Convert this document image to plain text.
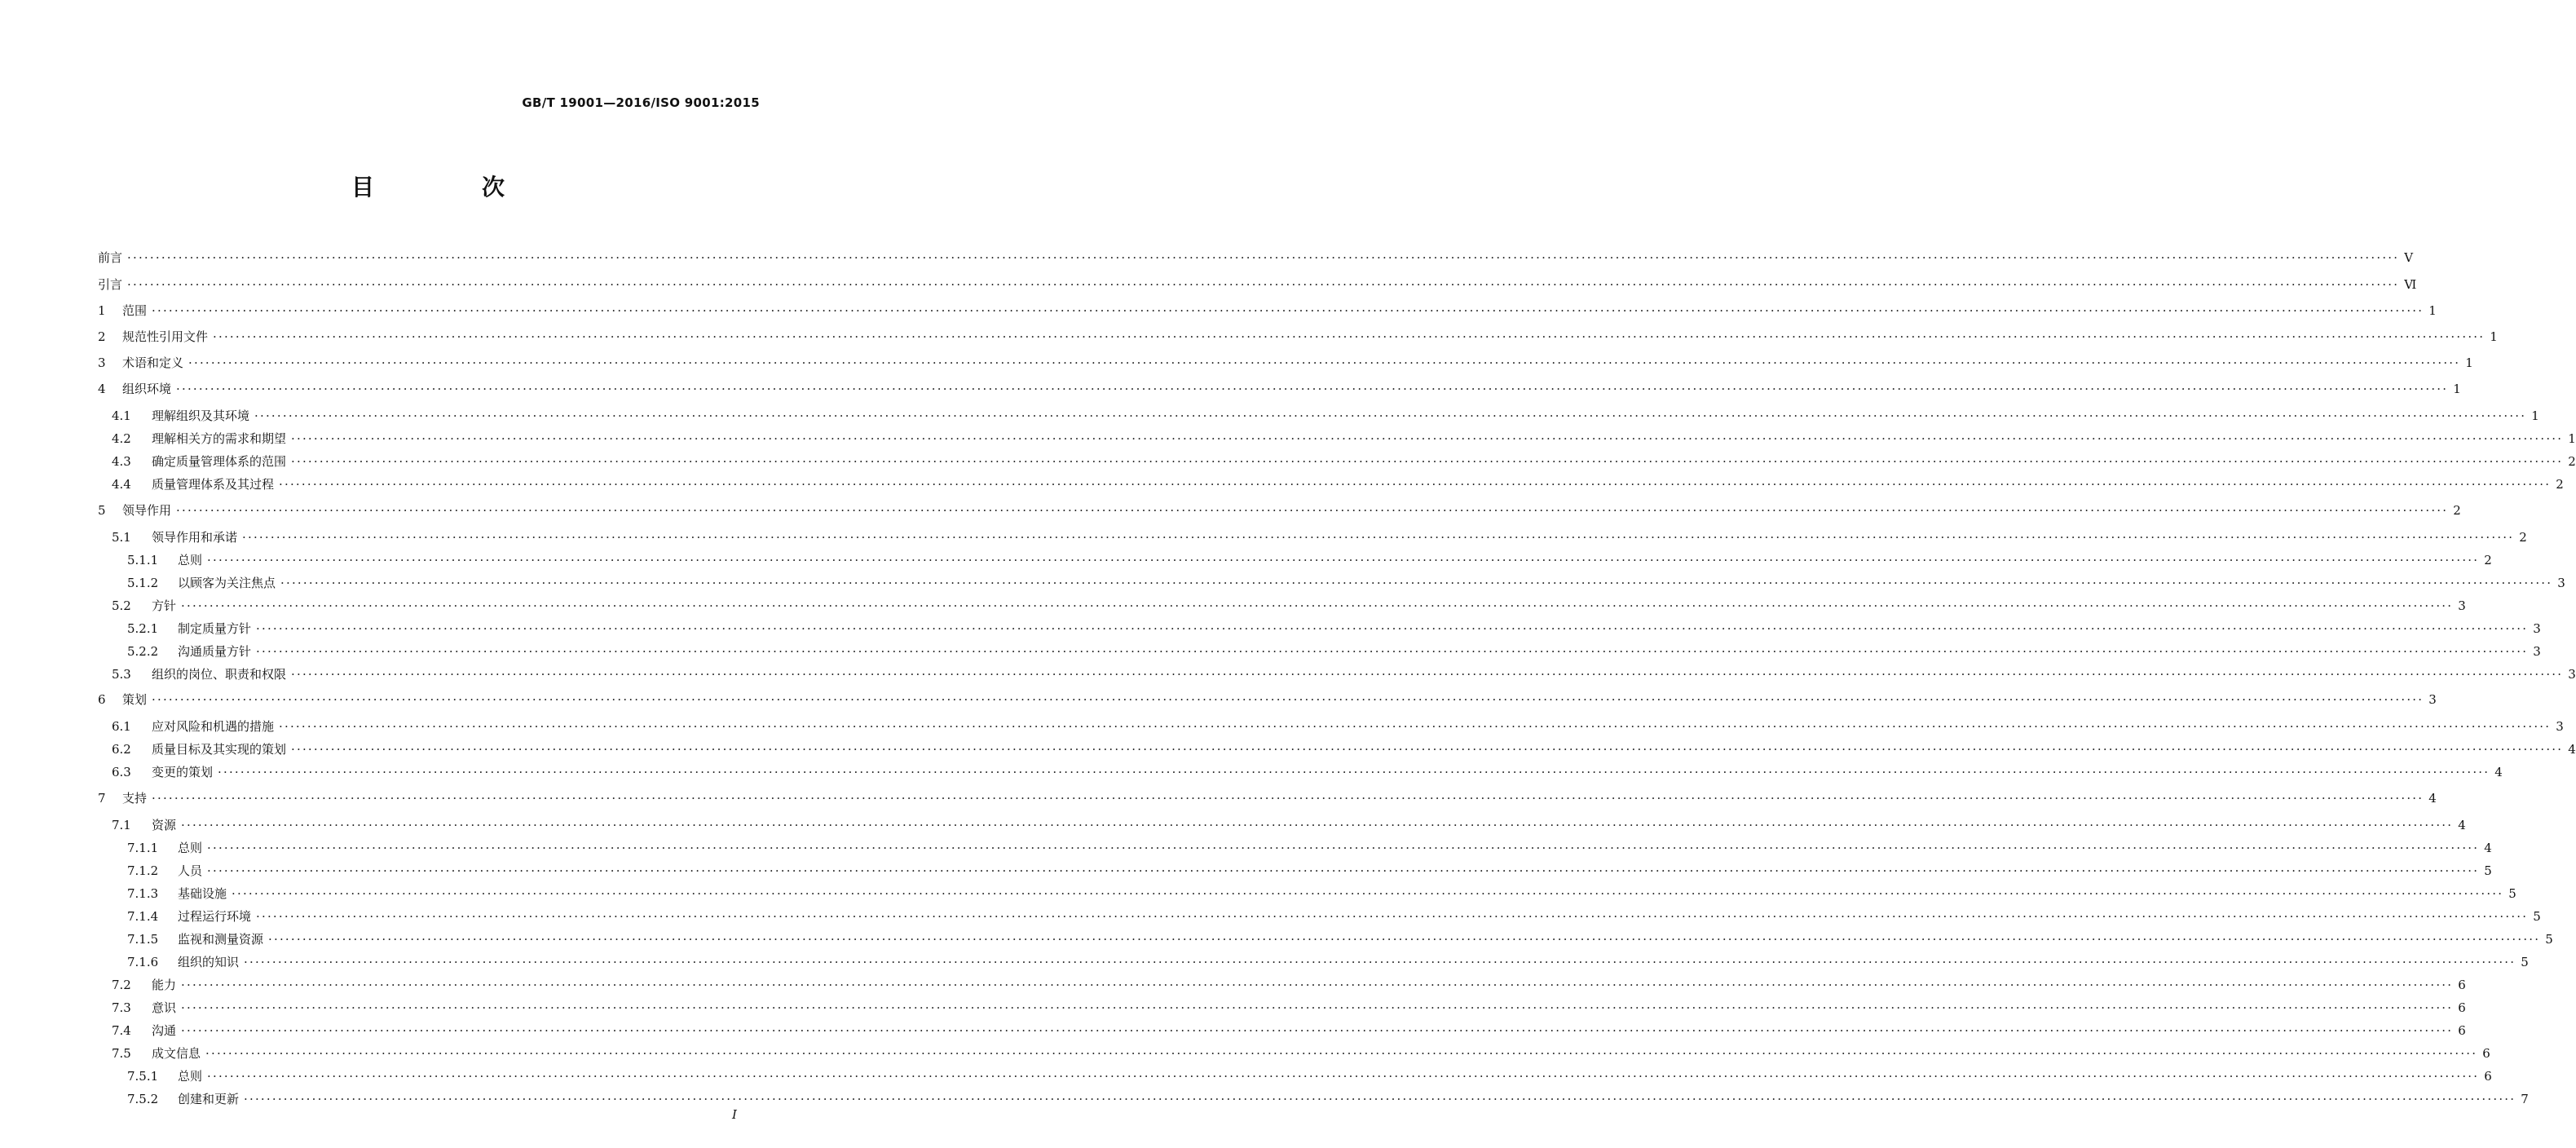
GB/T 19001—2016/ISO 9001:2015
目　次
前言 ················································································································································································································································································································································································································ V
引言 ················································································································································································································································································································································································································ Ⅵ
1	范围 ················································································································································································································································································································································································································ 1
2	规范性引用文件 ················································································································································································································································································································································································································ 1
3	术语和定义 ················································································································································································································································································································································································································ 1
4	组织环境 ················································································································································································································································································································································································································ 1
4.1	理解组织及其环境 ················································································································································································································································································································································································································ 1
4.2	理解相关方的需求和期望 ················································································································································································································································································································································································································ 1
4.3	确定质量管理体系的范围 ················································································································································································································································································································································································································ 2
4.4	质量管理体系及其过程 ················································································································································································································································································································································································································ 2
5	领导作用 ················································································································································································································································································································································································································ 2
5.1	领导作用和承诺 ················································································································································································································································································································································································································ 2
5.1.1	总则 ················································································································································································································································································································································································································ 2
5.1.2	以顾客为关注焦点 ················································································································································································································································································································································································································ 3
5.2	方针 ················································································································································································································································································································································································································ 3
5.2.1	制定质量方针 ················································································································································································································································································································································································································ 3
5.2.2	沟通质量方针 ················································································································································································································································································································································································································ 3
5.3	组织的岗位、职责和权限 ················································································································································································································································································································································································································ 3
6	策划 ················································································································································································································································································································································································································ 3
6.1	应对风险和机遇的措施 ················································································································································································································································································································································································································ 3
6.2	质量目标及其实现的策划 ················································································································································································································································································································································································································ 4
6.3	变更的策划 ················································································································································································································································································································································································································ 4
7	支持 ················································································································································································································································································································································································································ 4
7.1	资源 ················································································································································································································································································································································································································ 4
7.1.1	总则 ················································································································································································································································································································································································································ 4
7.1.2	人员 ················································································································································································································································································································································································································ 5
7.1.3	基础设施 ················································································································································································································································································································································································································ 5
7.1.4	过程运行环境 ················································································································································································································································································································································································································ 5
7.1.5	监视和测量资源 ················································································································································································································································································································································································································ 5
7.1.6	组织的知识 ················································································································································································································································································································································································································ 5
7.2	能力 ················································································································································································································································································································································································································ 6
7.3	意识 ················································································································································································································································································································································································································ 6
7.4	沟通 ················································································································································································································································································································································································································ 6
7.5	成文信息 ················································································································································································································································································································································································································ 6
7.5.1	总则 ················································································································································································································································································································································································································ 6
7.5.2	创建和更新 ················································································································································································································································································································································································································ 7
I
